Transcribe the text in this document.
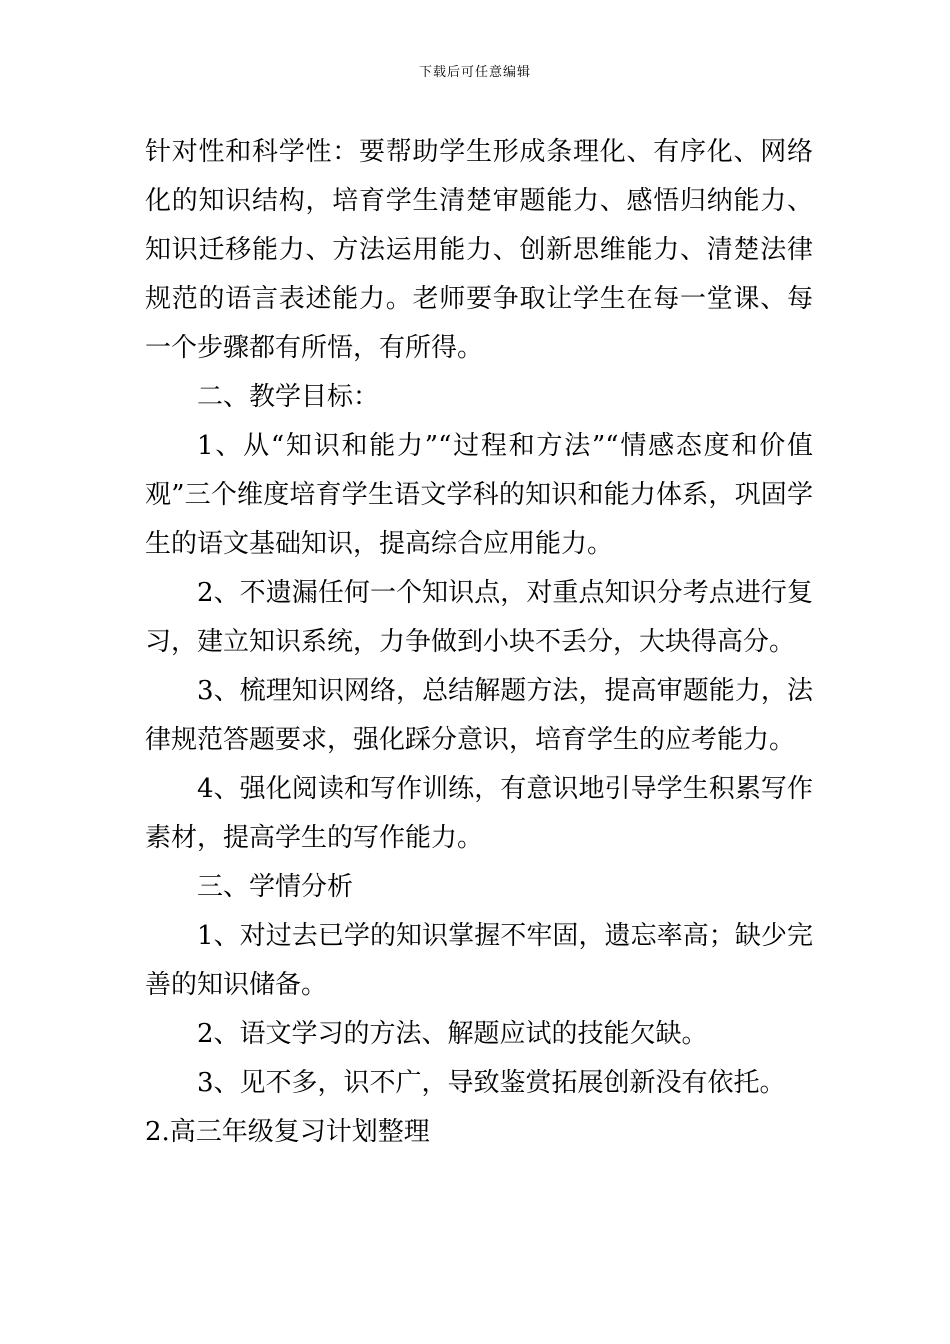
下载后可任意编辑

针对性和科学性：要帮助学生形成条理化、有序化、网络化的知识结构，培育学生清楚审题能力、感悟归纳能力、知识迁移能力、方法运用能力、创新思维能力、清楚法律规范的语言表述能力。老师要争取让学生在每一堂课、每一个步骤都有所悟，有所得。

二、教学目标：

1、从“知识和能力”“过程和方法”“情感态度和价值观”三个维度培育学生语文学科的知识和能力体系，巩固学生的语文基础知识，提高综合应用能力。

2、不遗漏任何一个知识点，对重点知识分考点进行复习，建立知识系统，力争做到小块不丢分，大块得高分。

3、梳理知识网络，总结解题方法，提高审题能力，法律规范答题要求，强化踩分意识，培育学生的应考能力。

4、强化阅读和写作训练，有意识地引导学生积累写作素材，提高学生的写作能力。

三、学情分析

1、对过去已学的知识掌握不牢固，遗忘率高；缺少完善的知识储备。

2、语文学习的方法、解题应试的技能欠缺。

3、见不多，识不广，导致鉴赏拓展创新没有依托。

2.高三年级复习计划整理
